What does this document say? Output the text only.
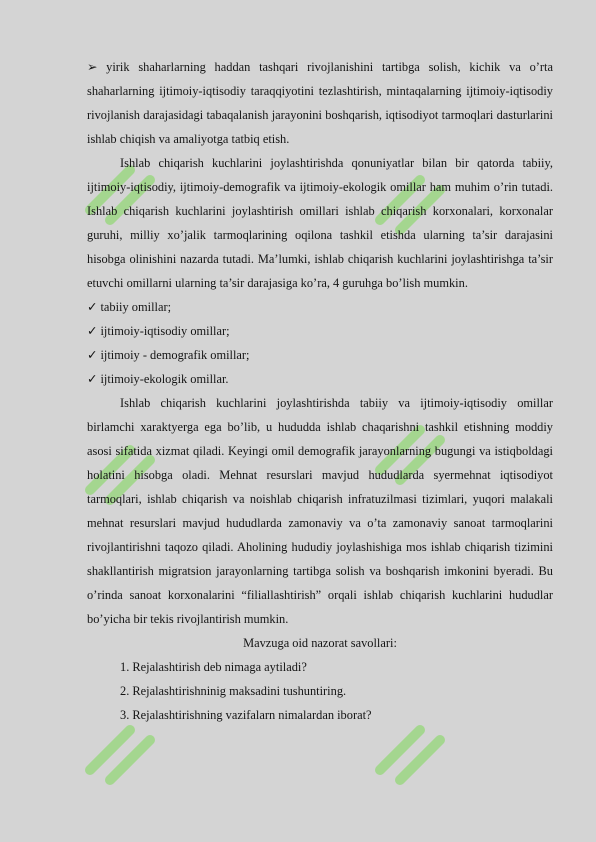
➢ yirik shaharlarning haddan tashqari rivojlanishini tartibga solish, kichik va o’rta shaharlarning ijtimoiy-iqtisodiy taraqqiyotini tezlashtirish, mintaqalarning ijtimoiy-iqtisodiy rivojlanish darajasidagi tabaqalanish jarayonini boshqarish, iqtisodiyot tarmoqlari dasturlarini ishlab chiqish va amaliyotga tatbiq etish.

Ishlab chiqarish kuchlarini joylashtirishda qonuniyatlar bilan bir qatorda tabiiy, ijtimoiy-iqtisodiy, ijtimoiy-demografik va ijtimoiy-ekologik omillar ham muhim o’rin tutadi. Ishlab chiqarish kuchlarini joylashtirish omillari ishlab chiqarish korxonalari, korxonalar guruhi, milliy xo’jalik tarmoqlarining oqilona tashkil etishda ularning ta’sir darajasini hisobga olinishini nazarda tutadi. Ma’lumki, ishlab chiqarish kuchlarini joylashtirishga ta’sir etuvchi omillarni ularning ta’sir darajasiga ko’ra, 4 guruhga bo’lish mumkin.

✓ tabiiy omillar;

✓ ijtimoiy-iqtisodiy omillar;

✓ ijtimoiy - demografik omillar;

✓ ijtimoiy-ekologik omillar.

Ishlab chiqarish kuchlarini joylashtirishda tabiiy va ijtimoiy-iqtisodiy omillar birlamchi xaraktyerga ega bo’lib, u hududda ishlab chaqarishni tashkil etishning moddiy asosi sifatida xizmat qiladi. Keyingi omil demografik jarayonlarning bugungi va istiqboldagi holatini hisobga oladi. Mehnat resurslari mavjud hududlarda syermehnat iqtisodiyot tarmoqlari, ishlab chiqarish va noishlab chiqarish infratuzilmasi tizimlari, yuqori malakali mehnat resurslari mavjud hududlarda zamonaviy va o’ta zamonaviy sanoat tarmoqlarini rivojlantirishni taqozo qiladi. Aholining hududiy joylashishiga mos ishlab chiqarish tizimini shakllantirish migratsion jarayonlarning tartibga solish va boshqarish imkonini byeradi. Bu o’rinda sanoat korxonalarini “filiallashtirish” orqali ishlab chiqarish kuchlarini hududlar bo’yicha bir tekis rivojlantirish mumkin.

Mavzuga oid nazorat savollari:

1. Rejalashtirish deb nimaga aytiladi?

2. Rejalashtirishninig maksadini tushuntiring.

3. Rejalashtirishning vazifalarn nimalardan iborat?
